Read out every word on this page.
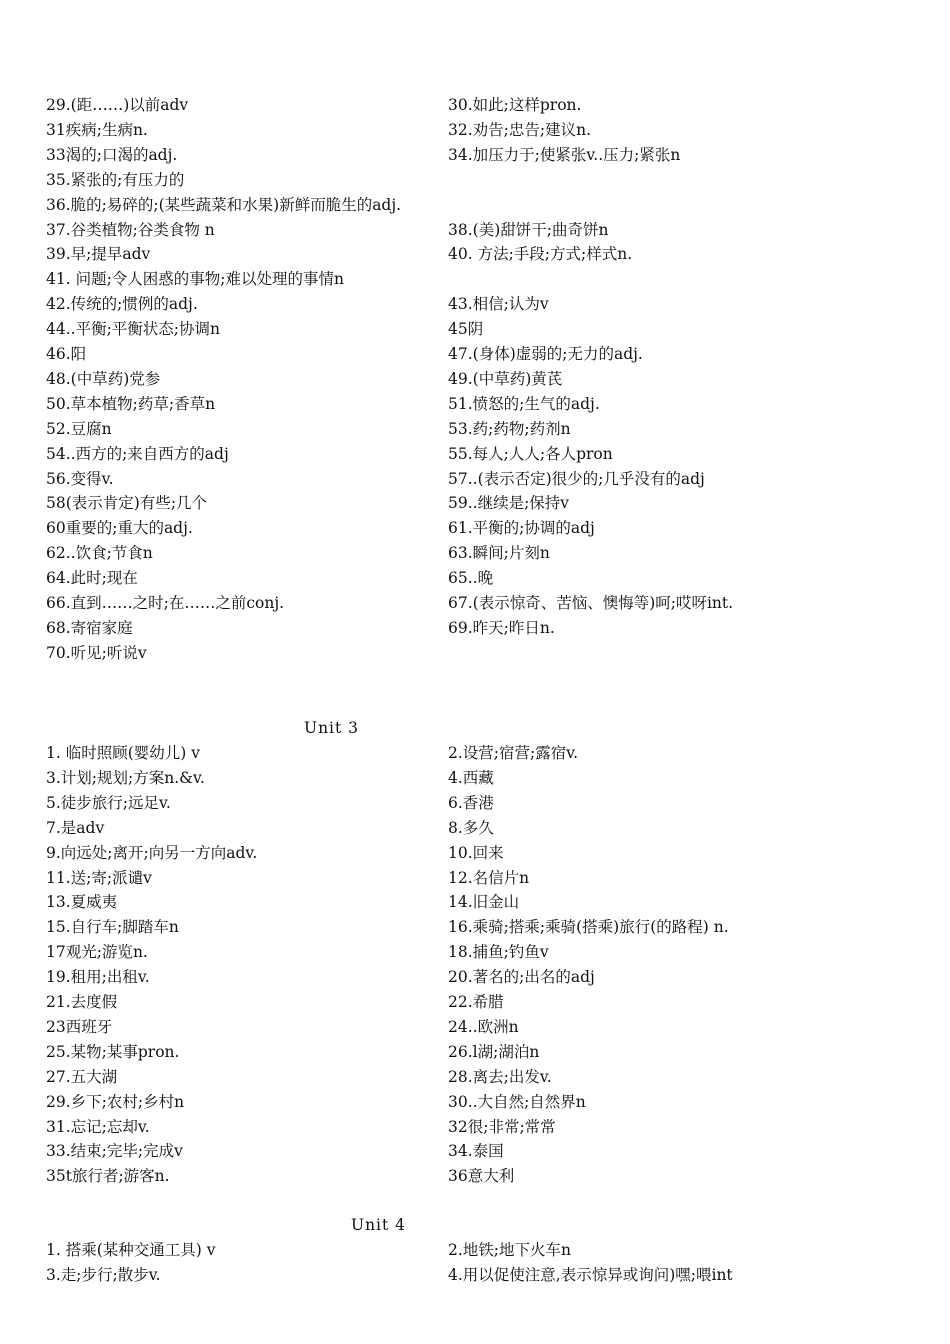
29.(距……)以前adv	30.如此;这样pron.
31疾病;生病n.	32.劝告;忠告;建议n.
33渴的;口渴的adj.	34.加压力于;使紧张v..压力;紧张n
35.紧张的;有压力的
36.脆的;易碎的;(某些蔬菜和水果)新鲜而脆生的adj.
37.谷类植物;谷类食物 n	38.(美)甜饼干;曲奇饼n
39.早;提早adv	40. 方法;手段;方式;样式n.
41. 问题;令人困惑的事物;难以处理的事情n
42.传统的;惯例的adj.	43.相信;认为v
44..平衡;平衡状态;协调n	45阴
46.阳	47.(身体)虚弱的;无力的adj.
48.(中草药)党参	49.(中草药)黄芪
50.草本植物;药草;香草n	51.愤怒的;生气的adj.
52.豆腐n	53.药;药物;药剂n
54..西方的;来自西方的adj	55.每人;人人;各人pron
56.变得v.	57..(表示否定)很少的;几乎没有的adj
58(表示肯定)有些;几个	59..继续是;保持v
60重要的;重大的adj.	61.平衡的;协调的adj
62..饮食;节食n	63.瞬间;片刻n
64.此时;现在	65..晚
66.直到……之时;在……之前conj.	67.(表示惊奇、苦恼、懊悔等)呵;哎呀int.
68.寄宿家庭	69.昨天;昨日n.
70.听见;听说v
Unit 3
1. 临时照顾(婴幼儿) v	2.设营;宿营;露宿v.
3.计划;规划;方案n.&v.	4.西藏
5.徒步旅行;远足v.	6.香港
7.是adv	8.多久
9.向远处;离开;向另一方向adv.	10.回来
11.送;寄;派谴v	12.名信片n
13.夏威夷	14.旧金山
15.自行车;脚踏车n	16.乘骑;搭乘;乘骑(搭乘)旅行(的路程) n.
17观光;游览n.	18.捕鱼;钓鱼v
19.租用;出租v.	20.著名的;出名的adj
21.去度假	22.希腊
23西班牙	24..欧洲n
25.某物;某事pron.	26.l湖;湖泊n
27.五大湖	28.离去;出发v.
29.乡下;农村;乡村n	30..大自然;自然界n
31.忘记;忘却v.	32很;非常;常常
33.结束;完毕;完成v	34.泰国
35t旅行者;游客n.	36意大利
Unit 4
1. 搭乘(某种交通工具) v	2.地铁;地下火车n
3.走;步行;散步v.	4.用以促使注意,表示惊异或询问)嘿;喂int
